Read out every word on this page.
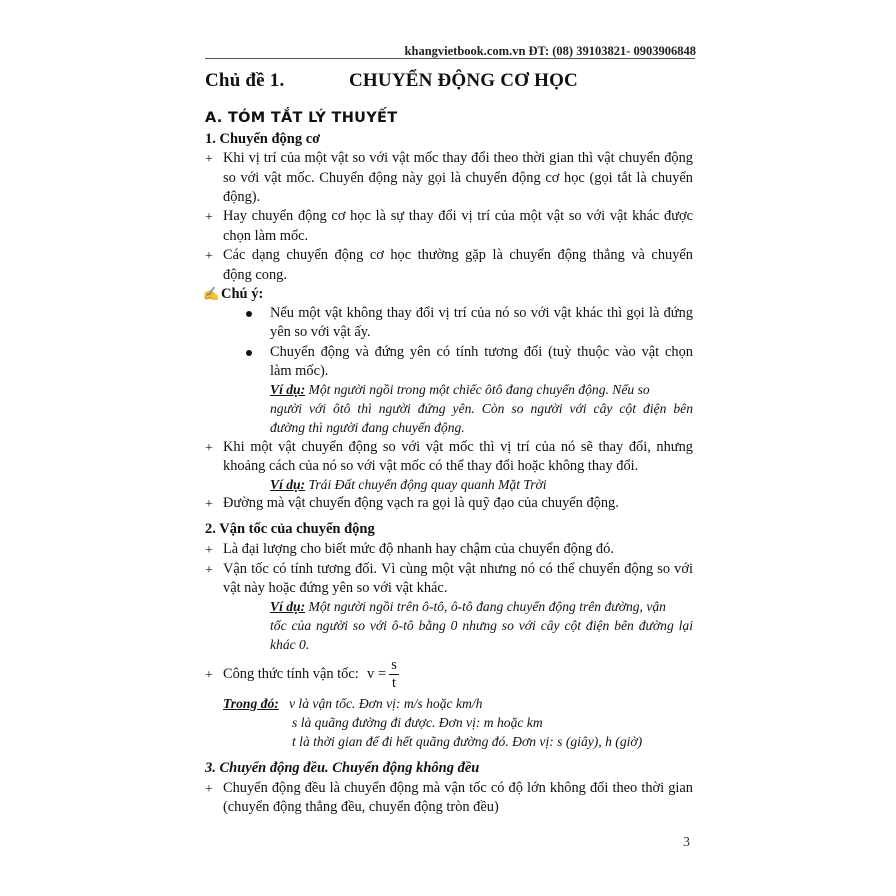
khangvietbook.com.vn ĐT: (08) 39103821- 0903906848
Chủ đề 1.	CHUYỂN ĐỘNG CƠ HỌC
A. TÓM TẮT LÝ THUYẾT
1. Chuyển động cơ
+ Khi vị trí của một vật so với vật mốc thay đổi theo thời gian thì vật chuyển động
so với vật mốc. Chuyển động này gọi là chuyển động cơ học (gọi tắt là chuyển
động).
+ Hay chuyển động cơ học là sự thay đổi vị trí của một vật so với vật khác được
chọn làm mốc.
+ Các dạng chuyển động cơ học thường gặp là chuyển động thẳng và chuyển
động cong.
✍ Chú ý:
Nếu một vật không thay đổi vị trí của nó so với vật khác thì gọi là đứng
yên so với vật ấy.
Chuyển động và đứng yên có tính tương đối (tuỳ thuộc vào vật chọn
làm mốc).
Ví dụ: Một người ngồi trong một chiếc ôtô đang chuyển động. Nếu so
người với ôtô thì người đứng yên. Còn so người với cây cột điện bên
đường thì người đang chuyển động.
+ Khi một vật chuyển động so với vật mốc thì vị trí của nó sẽ thay đổi, nhưng
khoảng cách của nó so với vật mốc có thể thay đổi hoặc không thay đổi.
Ví dụ: Trái Đất chuyển động quay quanh Mặt Trời
+ Đường mà vật chuyển động vạch ra gọi là quỹ đạo của chuyển động.
2. Vận tốc của chuyển động
+ Là đại lượng cho biết mức độ nhanh hay chậm của chuyển động đó.
+ Vận tốc có tính tương đối. Vì cùng một vật nhưng nó có thể chuyển động so với
vật này hoặc đứng yên so với vật khác.
Ví dụ: Một người ngồi trên ô-tô, ô-tô đang chuyển động trên đường, vận
tốc của người so với ô-tô bằng 0 nhưng so với cây cột điện bên đường lại
khác 0.
+ Công thức tính vận tốc: v =
s
t
Trong đó: v là vận tốc. Đơn vị: m/s hoặc km/h
s là quãng đường đi được. Đơn vị: m hoặc km
t là thời gian để đi hết quãng đường đó. Đơn vị: s (giây), h (giờ)
3. Chuyển động đều. Chuyển động không đều
+ Chuyển động đều là chuyển động mà vận tốc có độ lớn không đổi theo thời gian
(chuyển động thẳng đều, chuyển động tròn đều)
3
